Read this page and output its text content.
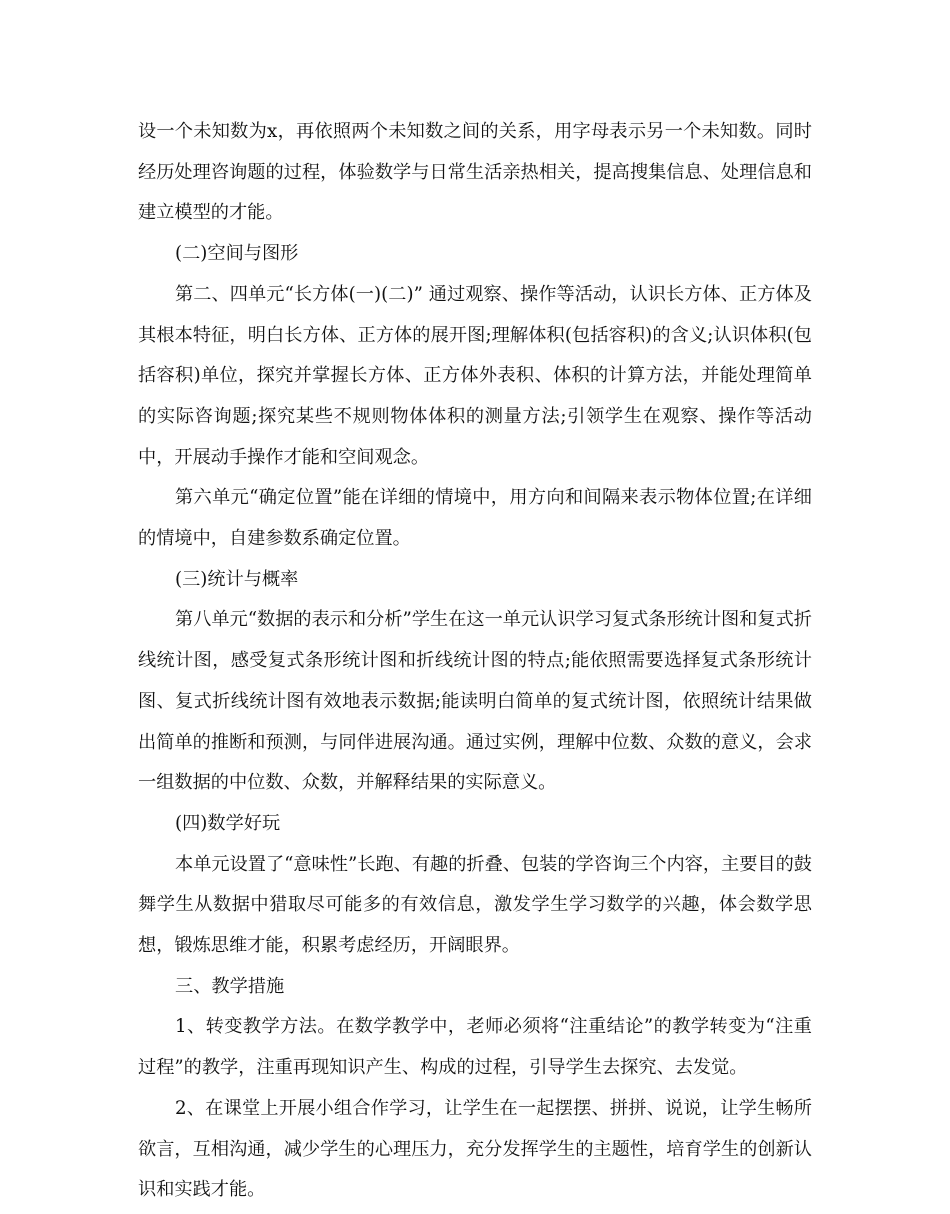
设一个未知数为x，再依照两个未知数之间的关系，用字母表示另一个未知数。同时经历处理咨询题的过程，体验数学与日常生活亲热相关，提高搜集信息、处理信息和建立模型的才能。

(二)空间与图形

第二、四单元“长方体(一)(二)” 通过观察、操作等活动，认识长方体、正方体及其根本特征，明白长方体、正方体的展开图;理解体积(包括容积)的含义;认识体积(包括容积)单位，探究并掌握长方体、正方体外表积、体积的计算方法，并能处理简单的实际咨询题;探究某些不规则物体体积的测量方法;引领学生在观察、操作等活动中，开展动手操作才能和空间观念。

第六单元“确定位置”能在详细的情境中，用方向和间隔来表示物体位置;在详细的情境中，自建参数系确定位置。

(三)统计与概率

第八单元“数据的表示和分析”学生在这一单元认识学习复式条形统计图和复式折线统计图，感受复式条形统计图和折线统计图的特点;能依照需要选择复式条形统计图、复式折线统计图有效地表示数据;能读明白简单的复式统计图，依照统计结果做出简单的推断和预测，与同伴进展沟通。通过实例，理解中位数、众数的意义，会求一组数据的中位数、众数，并解释结果的实际意义。

(四)数学好玩

本单元设置了“意味性”长跑、有趣的折叠、包装的学咨询三个内容，主要目的鼓舞学生从数据中猎取尽可能多的有效信息，激发学生学习数学的兴趣，体会数学思想，锻炼思维才能，积累考虑经历，开阔眼界。

三、教学措施

1、转变教学方法。在数学教学中，老师必须将“注重结论”的教学转变为“注重过程”的教学，注重再现知识产生、构成的过程，引导学生去探究、去发觉。

2、在课堂上开展小组合作学习，让学生在一起摆摆、拼拼、说说，让学生畅所欲言，互相沟通，减少学生的心理压力，充分发挥学生的主题性，培育学生的创新认识和实践才能。
